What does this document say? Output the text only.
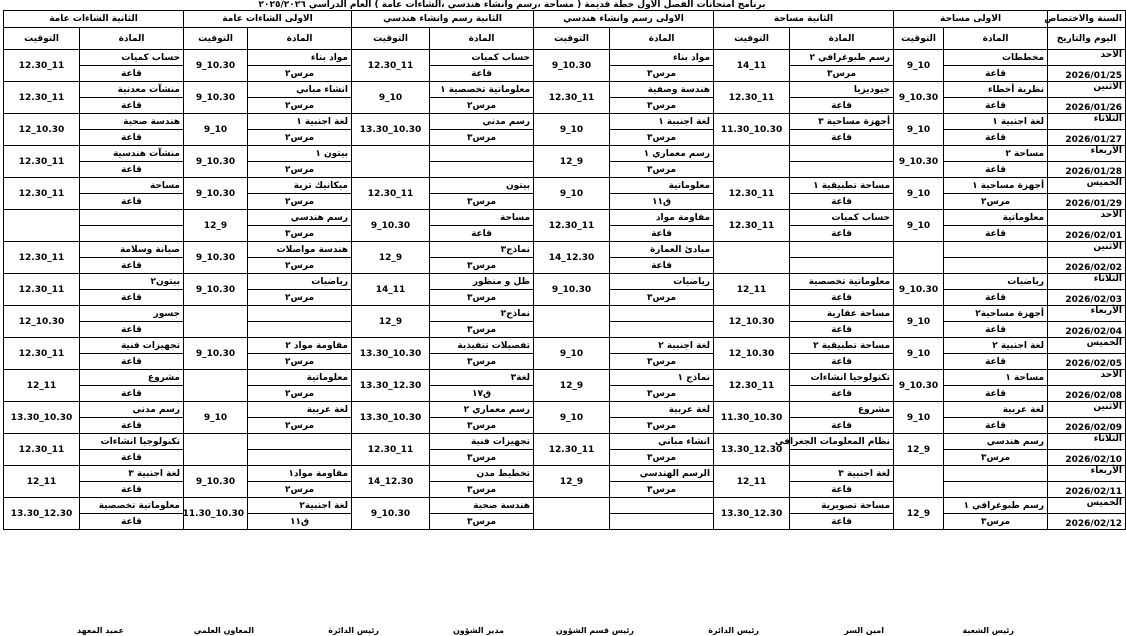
برنامج امتحانات الفصل الأول خطة قديمة ( مساحة ،رسم وانشاء هندسي ،الشاءات عامة ) العام الدراسي ٢٠٢٥/٢٠٢٦
السنة والاختصاص	الاولى مساحة		الثانية مساحة		الاولى رسم وانشاء هندسي		الثانية رسم وانشاء هندسي		الاولى الشاءات عامة		الثانية الشاءات عامة	
اليوم والتاريخ	المادة	التوقيت	المادة	التوقيت	المادة	التوقيت	المادة	التوقيت	المادة	التوقيت	المادة	التوقيت
الاحد	مخططات	10_9	رسم طبوغرافي ٢	11_14	مواد بناء	10.30_9	حساب كميات	11_12.30	مواد بناء	10.30_9	حساب كميات	11_12.30
2026/01/25	قاعة		مرس٣		مرس٣		قاعة		مرس٢		قاعة	
الاثنين	نظرية أخطاء	10.30_9	جيوديزيا	11_12.30	هندسة وصفية	11_12.30	معلوماتية تخصصية ١	10_9	انشاء مباني	10.30_9	منشآت معدنية	11_12.30
2026/01/26	قاعة		قاعة		مرس٣		مرس٢		مرس٢		قاعة	
الثلاثاء	لغة اجنبية ١	10_9	أجهزة مساحية ٣	10.30_11.30	لغة اجنبية ١	10_9	رسم مدني	10.30_13.30	لغة اجنبية ١	10_9	هندسة صحية	10.30_12
2026/01/27	قاعة		قاعة		مرس٣		مرس٣		مرس٢		قاعة	
الأربعاء	مساحة ٢	10.30_9			رسم معماري ١	9_12			بيتون ١	10.30_9	منشآت هندسية	11_12.30
2026/01/28	قاعة				مرس٣				مرس٢		قاعة	
الخميس	أجهزة مساحية ١	10_9	مساحة تطبيقية ١	11_12.30	معلوماتية	10_9	بيتون	11_12.30	ميكانيك تربة	10.30_9	مساحة	11_12.30
2026/01/29	مرس٢		قاعة		ق١١		مرس٣		مرس٢		قاعة	
الاحد	معلوماتية	10_9	حساب كميات	11_12.30	مقاومة مواد	11_12.30	مساحة	10.30_9	رسم هندسي	9_12		
2026/02/01	قاعة		قاعة		قاعة		قاعة		مرس٣			
الاثنين					مبادئ العمارة	12.30_14	نماذج٣	9_12	هندسة مواصلات	10.30_9	صيانة وسلامة	11_12.30
2026/02/02					قاعة		مرس٣		مرس٢		قاعة	
الثلاثاء	رياضيات	10.30_9	معلوماتية تخصصية	11_12	رياضيات	10.30_9	ظل و منظور	11_14	رياضيات	10.30_9	بيتون٢	11_12.30
2026/02/03	قاعة		قاعة		مرس٣		مرس٣		مرس٢		قاعة	
الأربعاء	أجهزة مساحية٢	10_9	مساحة عقارية	10.30_12			نماذج٢	9_12			جسور	10.30_12
2026/02/04	قاعة		قاعة				مرس٣				قاعة	
الخميس	لغة اجنبية ٢	10_9	مساحة تطبيقية ٢	10.30_12	لغة اجنبية ٢	10_9	تفصيلات تنفيذية	10.30_13.30	مقاومة مواد ٢	10.30_9	تجهيزات فنية	11_12.30
2026/02/05	قاعة		قاعة		مرس٣		مرس٣		مرس٢		قاعة	
الاحد	مساحة ١	10.30_9	تكنولوجيا انشاءات	11_12.30	نماذج ١	9_12	لغة٣	12.30_13.30	معلوماتية		مشروع	11_12
2026/02/08	قاعة		قاعة		مرس٣		ق١٧		مرس٢		قاعة	
الاثنين	لغة عربية	10_9	مشروع	10.30_11.30	لغة عربية	10_9	رسم معماري ٢	10.30_13.30	لغة عربية	10_9	رسم مدني	10.30_13.30
2026/02/09	قاعة		قاعة		مرس٣		مرس٣		مرس٢		قاعة	
الثلاثاء	رسم هندسي	9_12	نظام المعلومات الجغرافي	12.30_13.30	انشاء مباني	11_12.30	تجهيزات فنية	11_12.30			تكنولوجيا انشاءات	11_12.30
2026/02/10	مرس٣				مرس٣		مرس٣				قاعة	
الأربعاء			لغة اجنبية ٣	11_12	الرسم الهندسي	9_12	تخطيط مدن	12.30_14	مقاومة مواد١	10.30_9	لغة اجنبية ٣	11_12
2026/02/11			قاعة		مرس٣		مرس٣		مرس٢		قاعة	
الخميس	رسم طبوغرافي ١	9_12	مساحة تصويرية	12.30_13.30			هندسة صحية	10.30_9	لغة اجنبية٢	10.30_11.30	معلوماتية تخصصية	12.30_13.30
2026/02/12	مرس٣		قاعة				مرس٣		ق١١		قاعة	
رئيس الشعبة
امين السر
رئيس الدائرة
رئيس قسم الشؤون
مدير الشؤون
رئيس الدائرة
المعاون العلمي
عميد المعهد
